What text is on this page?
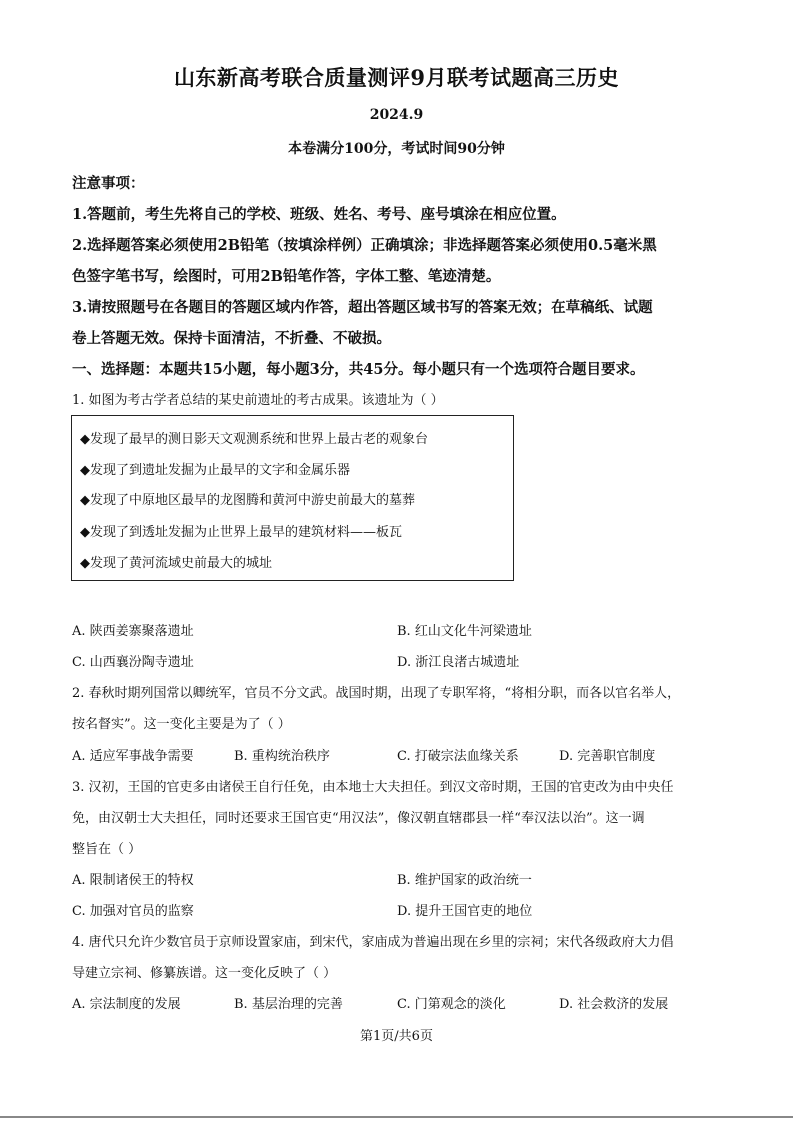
山东新高考联合质量测评9月联考试题高三历史
2024.9
本卷满分100分，考试时间90分钟
注意事项：
1.答题前，考生先将自己的学校、班级、姓名、考号、座号填涂在相应位置。
2.选择题答案必须使用2B铅笔（按填涂样例）正确填涂；非选择题答案必须使用0.5毫米黑
色签字笔书写，绘图时，可用2B铅笔作答，字体工整、笔迹清楚。
3.请按照题号在各题目的答题区域内作答，超出答题区域书写的答案无效；在草稿纸、试题
卷上答题无效。保持卡面清洁，不折叠、不破损。
一、选择题：本题共15小题，每小题3分，共45分。每小题只有一个选项符合题目要求。
1. 如图为考古学者总结的某史前遗址的考古成果。该遗址为（ ）
◆发现了最早的测日影天文观测系统和世界上最古老的观象台
◆发现了到遗址发掘为止最早的文字和金属乐器
◆发现了中原地区最早的龙图腾和黄河中游史前最大的墓葬
◆发现了到透址发掘为止世界上最早的建筑材料——板瓦
◆发现了黄河流域史前最大的城址
A. 陕西姜寨聚落遗址	B. 红山文化牛河梁遗址
C. 山西襄汾陶寺遗址	D. 浙江良渚古城遗址
2. 春秋时期列国常以卿统军，官员不分文武。战国时期，出现了专职军将，“将相分职，而各以官名举人，
按名督实”。这一变化主要是为了（ ）
A. 适应军事战争需要	B. 重构统治秩序	C. 打破宗法血缘关系	D. 完善职官制度
3. 汉初，王国的官吏多由诸侯王自行任免，由本地士大夫担任。到汉文帝时期，王国的官吏改为由中央任
免，由汉朝士大夫担任，同时还要求王国官吏“用汉法”，像汉朝直辖郡县一样“奉汉法以治”。这一调
整旨在（ ）
A. 限制诸侯王的特权	B. 维护国家的政治统一
C. 加强对官员的监察	D. 提升王国官吏的地位
4. 唐代只允许少数官员于京师设置家庙，到宋代，家庙成为普遍出现在乡里的宗祠；宋代各级政府大力倡
导建立宗祠、修纂族谱。这一变化反映了（ ）
A. 宗法制度的发展	B. 基层治理的完善	C. 门第观念的淡化	D. 社会救济的发展
第1页/共6页
